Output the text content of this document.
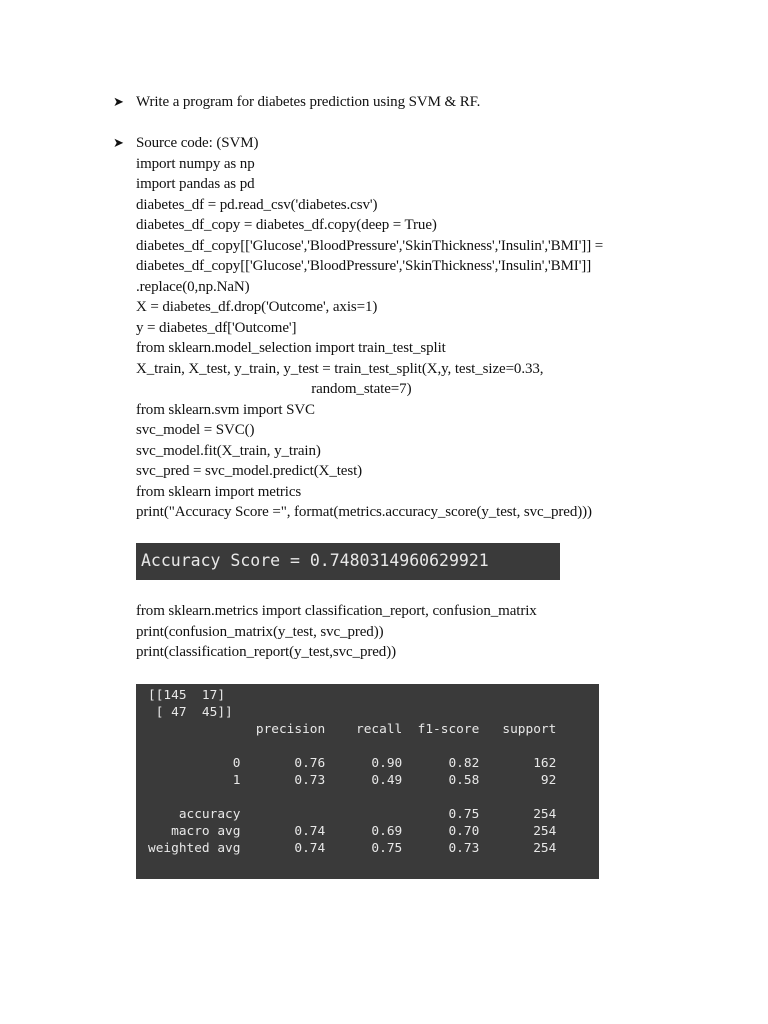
➤ Write a program for diabetes prediction using SVM & RF.
➤ Source code: (SVM)
import numpy as np
import pandas as pd
diabetes_df = pd.read_csv('diabetes.csv')
diabetes_df_copy = diabetes_df.copy(deep = True)
diabetes_df_copy[['Glucose','BloodPressure','SkinThickness','Insulin','BMI']] =
diabetes_df_copy[['Glucose','BloodPressure','SkinThickness','Insulin','BMI']]
.replace(0,np.NaN)
X = diabetes_df.drop('Outcome', axis=1)
y = diabetes_df['Outcome']
from sklearn.model_selection import train_test_split
X_train, X_test, y_train, y_test = train_test_split(X,y, test_size=0.33,
random_state=7)
from sklearn.svm import SVC
svc_model = SVC()
svc_model.fit(X_train, y_train)
svc_pred = svc_model.predict(X_test)
from sklearn import metrics
print("Accuracy Score =", format(metrics.accuracy_score(y_test, svc_pred)))

Accuracy Score = 0.7480314960629921

from sklearn.metrics import classification_report, confusion_matrix
print(confusion_matrix(y_test, svc_pred))
print(classification_report(y_test,svc_pred))

[[145  17]

[ 47  45]]

precision    recall  f1-score   support

0       0.76      0.90      0.82       162

1       0.73      0.49      0.58        92

accuracy                           0.75       254

macro avg       0.74      0.69      0.70       254

weighted avg       0.74      0.75      0.73       254
